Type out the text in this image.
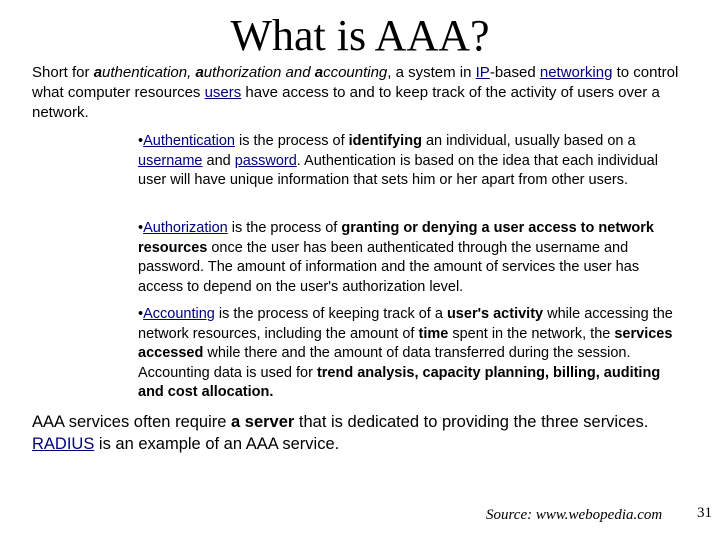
What is AAA?
Short for authentication, authorization and accounting, a system in IP-based networking to control what computer resources users have access to and to keep track of the activity of users over a network.
•Authentication is the process of identifying an individual, usually based on a username and password. Authentication is based on the idea that each individual user will have unique information that sets him or her apart from other users.
•Authorization is the process of granting or denying a user access to network resources once the user has been authenticated through the username and password. The amount of information and the amount of services the user has access to depend on the user's authorization level.
•Accounting is the process of keeping track of a user's activity while accessing the network resources, including the amount of time spent in the network, the services accessed while there and the amount of data transferred during the session. Accounting data is used for trend analysis, capacity planning, billing, auditing and cost allocation.
AAA services often require a server that is dedicated to providing the three services. RADIUS is an example of an AAA service.
Source: www.webopedia.com 31
